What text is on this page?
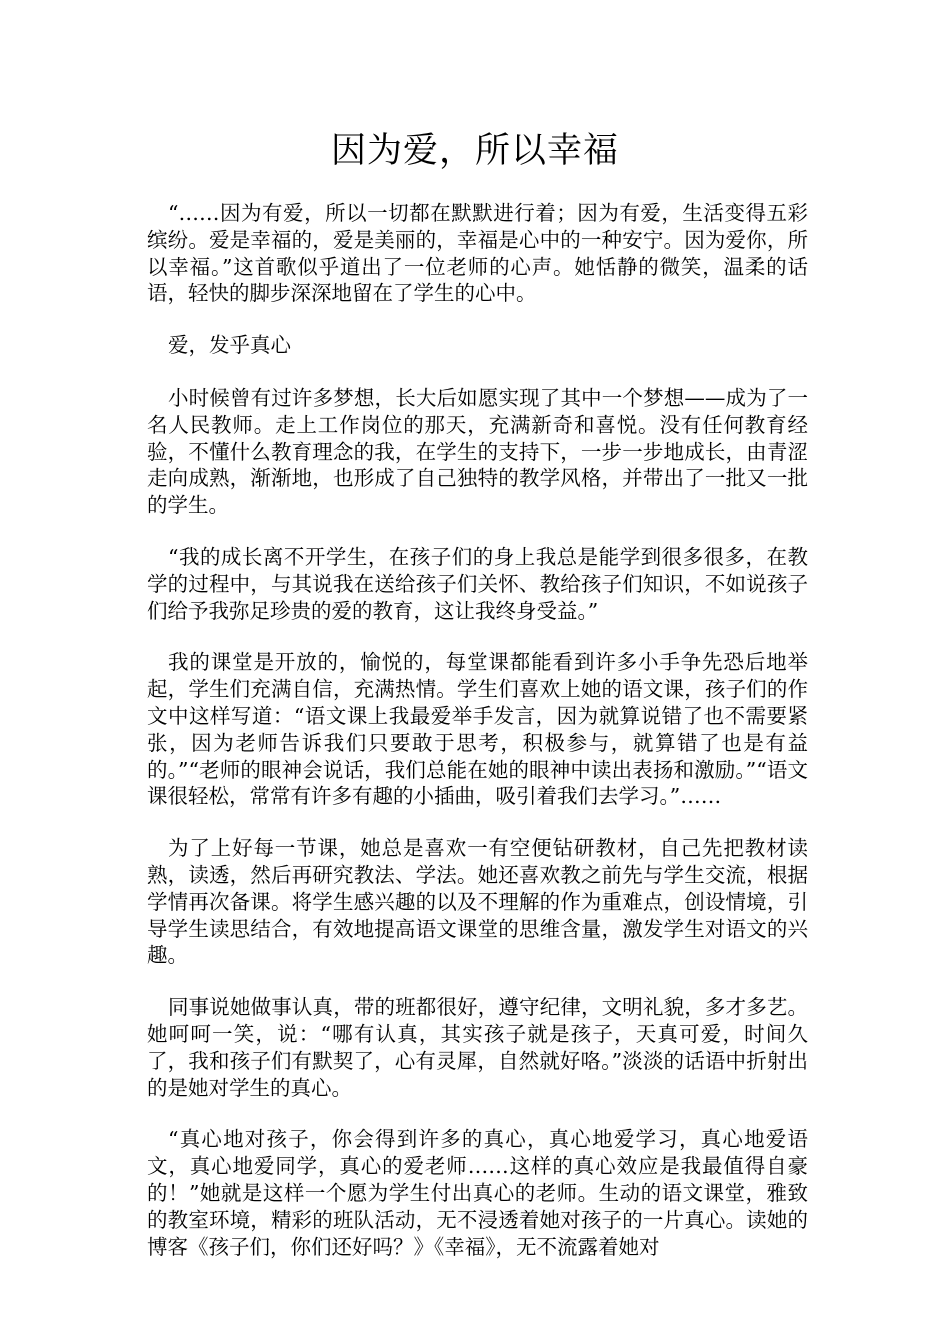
因为爱，所以幸福

“……因为有爱，所以一切都在默默进行着；因为有爱，生活变得五彩缤纷。爱是幸福的，爱是美丽的，幸福是心中的一种安宁。因为爱你，所以幸福。”这首歌似乎道出了一位老师的心声。她恬静的微笑，温柔的话语，轻快的脚步深深地留在了学生的心中。

爱，发乎真心

小时候曾有过许多梦想，长大后如愿实现了其中一个梦想——成为了一名人民教师。走上工作岗位的那天，充满新奇和喜悦。没有任何教育经验，不懂什么教育理念的我，在学生的支持下，一步一步地成长，由青涩走向成熟，渐渐地，也形成了自己独特的教学风格，并带出了一批又一批的学生。

“我的成长离不开学生，在孩子们的身上我总是能学到很多很多，在教学的过程中，与其说我在送给孩子们关怀、教给孩子们知识，不如说孩子们给予我弥足珍贵的爱的教育，这让我终身受益。”

我的课堂是开放的，愉悦的，每堂课都能看到许多小手争先恐后地举起，学生们充满自信，充满热情。学生们喜欢上她的语文课，孩子们的作文中这样写道：“语文课上我最爱举手发言，因为就算说错了也不需要紧张，因为老师告诉我们只要敢于思考，积极参与，就算错了也是有益的。”“老师的眼神会说话，我们总能在她的眼神中读出表扬和激励。”“语文课很轻松，常常有许多有趣的小插曲，吸引着我们去学习。”……

为了上好每一节课，她总是喜欢一有空便钻研教材，自己先把教材读熟，读透，然后再研究教法、学法。她还喜欢教之前先与学生交流，根据学情再次备课。将学生感兴趣的以及不理解的作为重难点，创设情境，引导学生读思结合，有效地提高语文课堂的思维含量，激发学生对语文的兴趣。

同事说她做事认真，带的班都很好，遵守纪律，文明礼貌，多才多艺。她呵呵一笑，说：“哪有认真，其实孩子就是孩子，天真可爱，时间久了，我和孩子们有默契了，心有灵犀，自然就好咯。”淡淡的话语中折射出的是她对学生的真心。

“真心地对孩子，你会得到许多的真心，真心地爱学习，真心地爱语文，真心地爱同学，真心的爱老师……这样的真心效应是我最值得自豪的！”她就是这样一个愿为学生付出真心的老师。生动的语文课堂，雅致的教室环境，精彩的班队活动，无不浸透着她对孩子的一片真心。读她的博客《孩子们，你们还好吗？》《幸福》，无不流露着她对
